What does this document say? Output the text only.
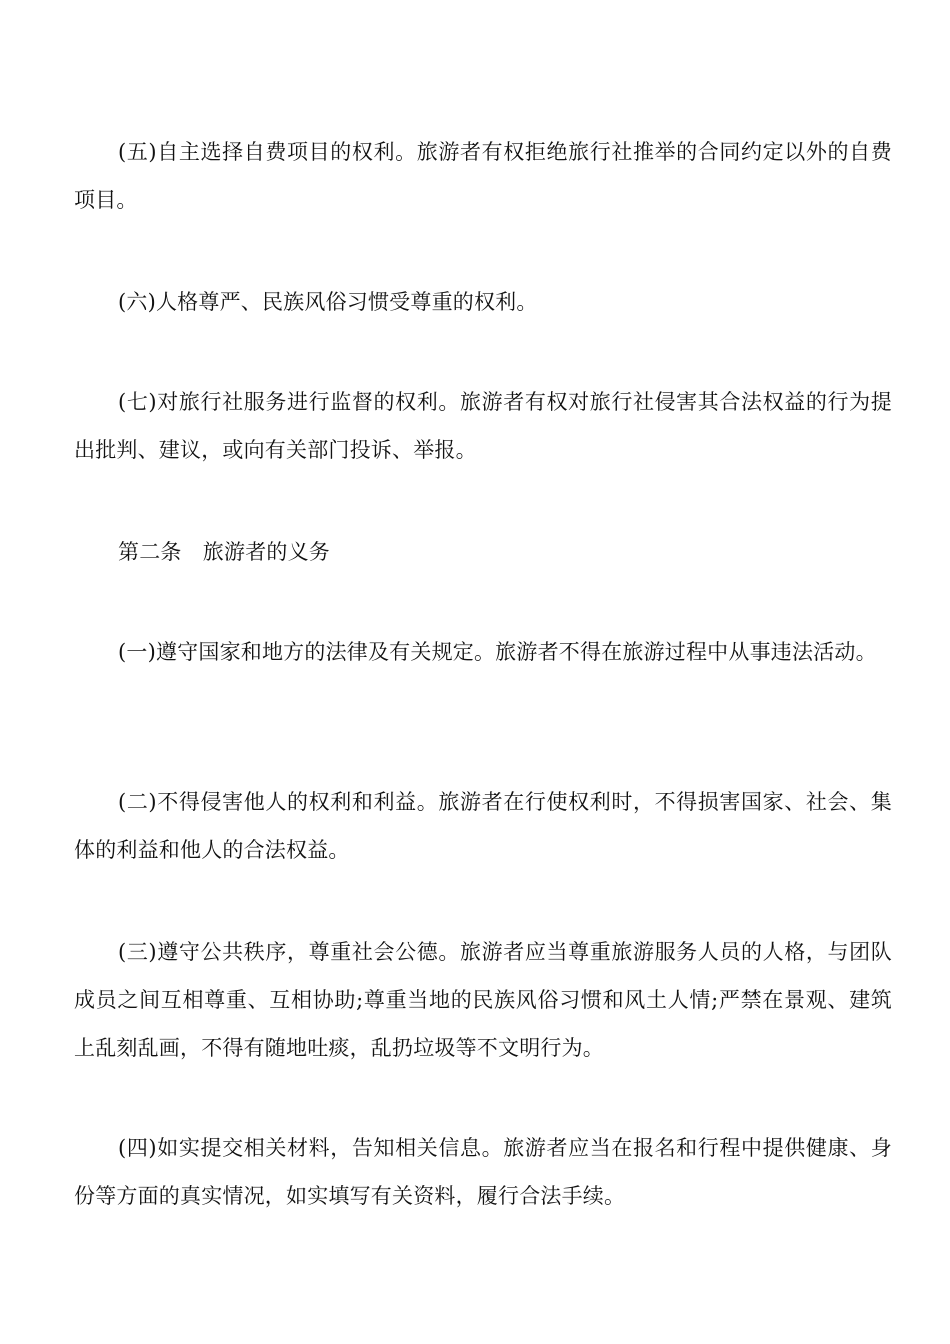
(五)自主选择自费项目的权利。旅游者有权拒绝旅行社推举的合同约定以外的自费项目。

(六)人格尊严、民族风俗习惯受尊重的权利。

(七)对旅行社服务进行监督的权利。旅游者有权对旅行社侵害其合法权益的行为提出批判、建议，或向有关部门投诉、举报。

第二条　旅游者的义务

(一)遵守国家和地方的法律及有关规定。旅游者不得在旅游过程中从事违法活动。

(二)不得侵害他人的权利和利益。旅游者在行使权利时，不得损害国家、社会、集体的利益和他人的合法权益。

(三)遵守公共秩序，尊重社会公德。旅游者应当尊重旅游服务人员的人格，与团队成员之间互相尊重、互相协助;尊重当地的民族风俗习惯和风土人情;严禁在景观、建筑上乱刻乱画，不得有随地吐痰，乱扔垃圾等不文明行为。

(四)如实提交相关材料，告知相关信息。旅游者应当在报名和行程中提供健康、身份等方面的真实情况，如实填写有关资料，履行合法手续。
